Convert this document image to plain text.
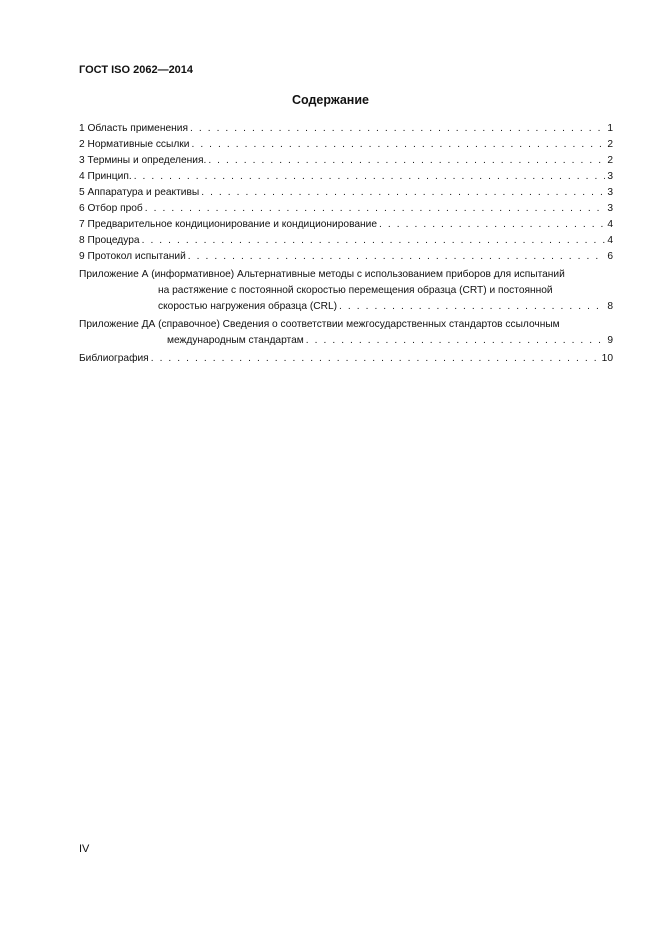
ГОСТ ISO 2062—2014
Содержание
1 Область применения . . .	1
2 Нормативные ссылки . . .	2
3 Термины и определения. . . .	2
4 Принцип. . . .	3
5 Аппаратура и реактивы . . .	3
6 Отбор проб . . .	3
7 Предварительное кондиционирование и кондиционирование . . .	4
8 Процедура . . .	4
9 Протокол испытаний . . .	6
Приложение А (информативное) Альтернативные методы с использованием приборов для испытаний
на растяжение с постоянной скоростью перемещения образца (CRT) и постоянной
скоростью нагружения образца (CRL) . . .	8
Приложение ДА (справочное) Сведения о соответствии межгосударственных стандартов ссылочным
международным стандартам . . .	9
Библиография . . .	10
IV
